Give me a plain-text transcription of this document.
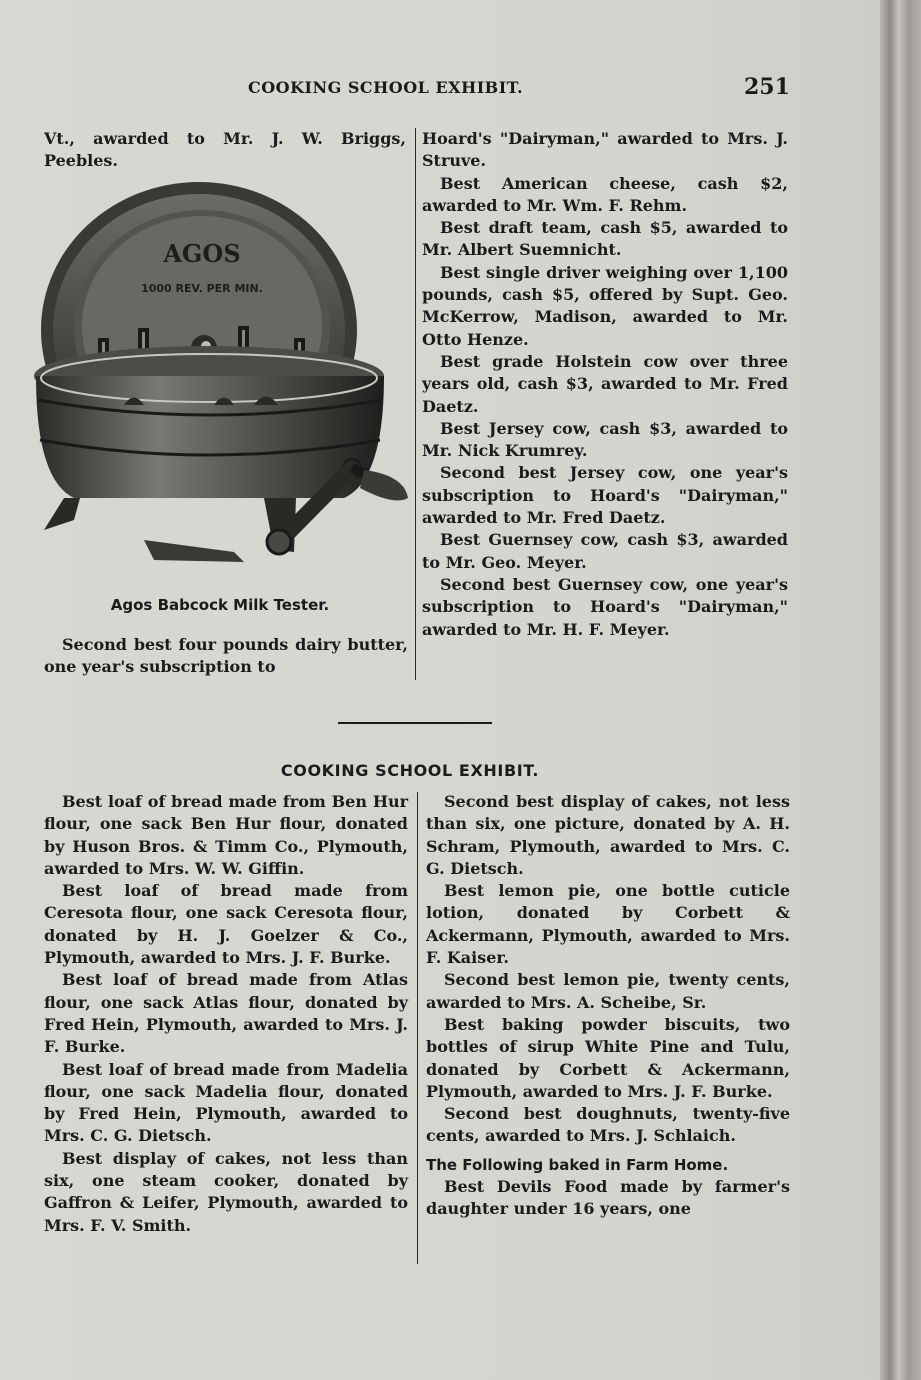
COOKING SCHOOL EXHIBIT.	251

Vt., awarded to Mr. J. W. Briggs, Peebles.

AGOS
1000 REV. PER MIN.
Agos Babcock Milk Tester.

Second best four pounds dairy butter, one year's subscription to

Hoard's "Dairyman," awarded to Mrs. J. Struve.

Best American cheese, cash $2, awarded to Mr. Wm. F. Rehm.

Best draft team, cash $5, awarded to Mr. Albert Suemnicht.

Best single driver weighing over 1,100 pounds, cash $5, offered by Supt. Geo. McKerrow, Madison, awarded to Mr. Otto Henze.

Best grade Holstein cow over three years old, cash $3, awarded to Mr. Fred Daetz.

Best Jersey cow, cash $3, awarded to Mr. Nick Krumrey.

Second best Jersey cow, one year's subscription to Hoard's "Dairyman," awarded to Mr. Fred Daetz.

Best Guernsey cow, cash $3, awarded to Mr. Geo. Meyer.

Second best Guernsey cow, one year's subscription to Hoard's "Dairyman," awarded to Mr. H. F. Meyer.

COOKING SCHOOL EXHIBIT.

Best loaf of bread made from Ben Hur flour, one sack Ben Hur flour, donated by Huson Bros. & Timm Co., Plymouth, awarded to Mrs. W. W. Giffin.

Best loaf of bread made from Ceresota flour, one sack Ceresota flour, donated by H. J. Goelzer & Co., Plymouth, awarded to Mrs. J. F. Burke.

Best loaf of bread made from Atlas flour, one sack Atlas flour, donated by Fred Hein, Plymouth, awarded to Mrs. J. F. Burke.

Best loaf of bread made from Madelia flour, one sack Madelia flour, donated by Fred Hein, Plymouth, awarded to Mrs. C. G. Dietsch.

Best display of cakes, not less than six, one steam cooker, donated by Gaffron & Leifer, Plymouth, awarded to Mrs. F. V. Smith.

Second best display of cakes, not less than six, one picture, donated by A. H. Schram, Plymouth, awarded to Mrs. C. G. Dietsch.

Best lemon pie, one bottle cuticle lotion, donated by Corbett & Ackermann, Plymouth, awarded to Mrs. F. Kaiser.

Second best lemon pie, twenty cents, awarded to Mrs. A. Scheibe, Sr.

Best baking powder biscuits, two bottles of sirup White Pine and Tulu, donated by Corbett & Ackermann, Plymouth, awarded to Mrs. J. F. Burke.

Second best doughnuts, twenty-five cents, awarded to Mrs. J. Schlaich.

The Following baked in Farm Home.

Best Devils Food made by farmer's daughter under 16 years, one
